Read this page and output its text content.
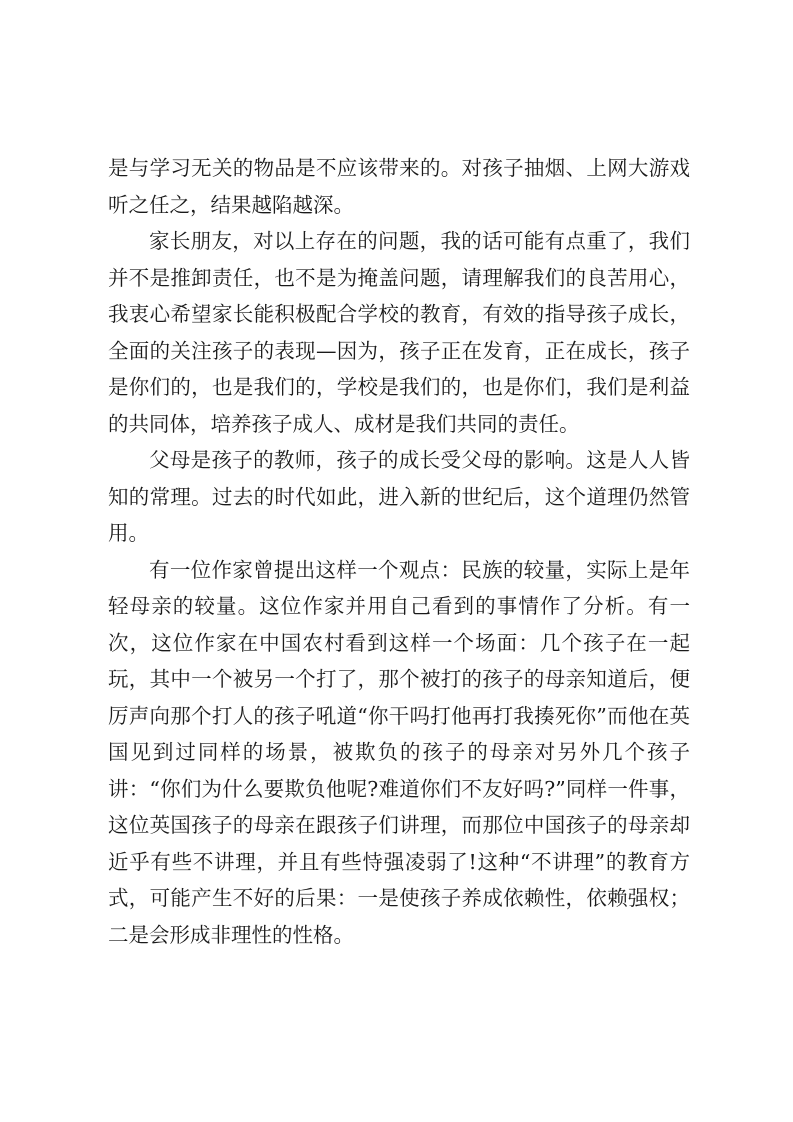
是与学习无关的物品是不应该带来的。对孩子抽烟、上网大游戏听之任之，结果越陷越深。

家长朋友，对以上存在的问题，我的话可能有点重了，我们并不是推卸责任，也不是为掩盖问题，请理解我们的良苦用心，我衷心希望家长能积极配合学校的教育，有效的指导孩子成长，全面的关注孩子的表现—因为，孩子正在发育，正在成长，孩子是你们的，也是我们的，学校是我们的，也是你们，我们是利益的共同体，培养孩子成人、成材是我们共同的责任。

父母是孩子的教师，孩子的成长受父母的影响。这是人人皆知的常理。过去的时代如此，进入新的世纪后，这个道理仍然管用。

有一位作家曾提出这样一个观点：民族的较量，实际上是年轻母亲的较量。这位作家并用自己看到的事情作了分析。有一次，这位作家在中国农村看到这样一个场面：几个孩子在一起玩，其中一个被另一个打了，那个被打的孩子的母亲知道后，便厉声向那个打人的孩子吼道“你干吗打他再打我揍死你”而他在英国见到过同样的场景，被欺负的孩子的母亲对另外几个孩子讲：“你们为什么要欺负他呢?难道你们不友好吗?”同样一件事，这位英国孩子的母亲在跟孩子们讲理，而那位中国孩子的母亲却近乎有些不讲理，并且有些恃强凌弱了!这种“不讲理”的教育方式，可能产生不好的后果：一是使孩子养成依赖性，依赖强权；二是会形成非理性的性格。
